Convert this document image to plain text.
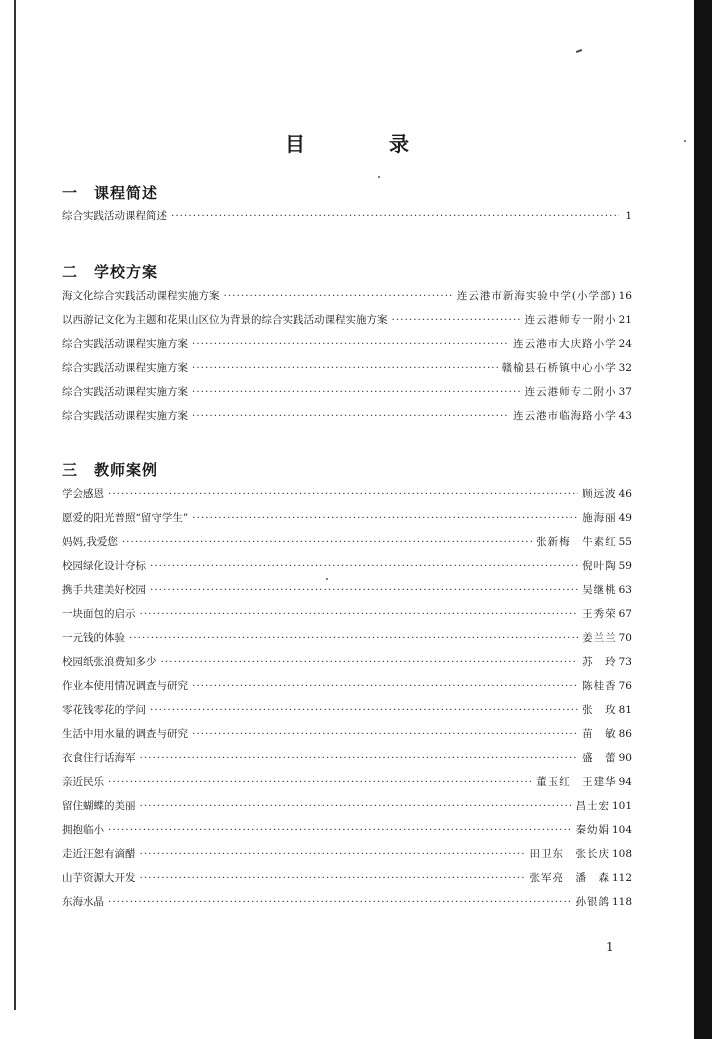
目　录
一　课程简述
综合实践活动课程简述 ·····	1
二　学校方案
海文化综合实践活动课程实施方案 ·····	连云港市新海实验中学(小学部) 16
以西游记文化为主题和花果山区位为背景的综合实践活动课程实施方案 ·····	连云港师专一附小 21
综合实践活动课程实施方案 ·····	连云港市大庆路小学 24
综合实践活动课程实施方案 ·····	赣榆县石桥镇中心小学 32
综合实践活动课程实施方案 ·····	连云港师专二附小 37
综合实践活动课程实施方案 ·····	连云港市临海路小学 43
三　教师案例
学会感恩 ·····	顾远波 46
愿爱的阳光普照“留守学生” ·····	施海丽 49
妈妈,我爱您 ·····	张新梅　牛素红 55
校园绿化设计夺标 ·····	倪叶陶 59
携手共建美好校园 ·····	吴继桃 63
一块面包的启示 ·····	王秀荣 67
一元钱的体验 ·····	姜兰兰 70
校园纸张浪费知多少 ·····	苏　玲 73
作业本使用情况调查与研究 ·····	陈桂香 76
零花钱零花的学问 ·····	张　玫 81
生活中用水量的调查与研究 ·····	苗　敏 86
衣食住行话海军 ·····	盛　蕾 90
亲近民乐 ·····	董玉红　王建华 94
留住蝴蝶的美丽 ·····	昌士宏 101
拥抱临小 ·····	秦幼娟 104
走近汪恕有滴醋 ·····	田卫东　张长庆 108
山芋资源大开发 ·····	张军亮　潘　森 112
东海水晶 ·····	孙银鸽 118
1
